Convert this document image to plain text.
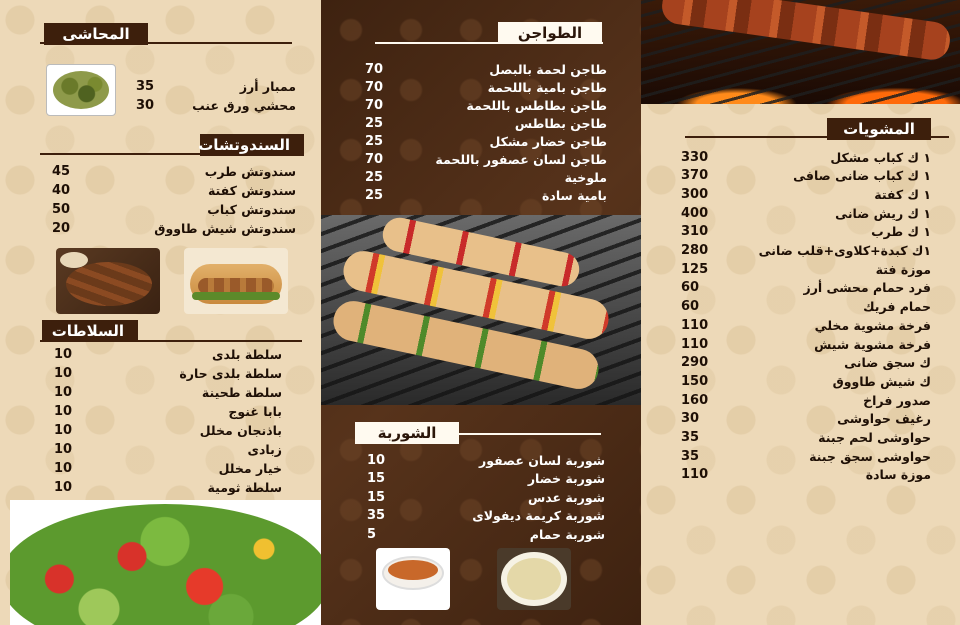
المحاشى
35	ممبار أرز
30	محشي ورق عنب
السندوتشات
45	سندوتش طرب
40	سندوتش كفتة
50	سندوتش كباب
20	سندوتش شيش طاووق
السلاطات
10	سلطة بلدى
10	سلطة بلدى حارة
10	سلطة طحينة
10	بابا غنوج
10	باذنجان مخلل
10	زبادى
10	خيار مخلل
10	سلطة ثومية
الطواجن
70	طاجن لحمة بالبصل
70	طاجن بامية باللحمة
70	طاجن بطاطس باللحمة
25	طاجن بطاطس
25	طاجن خضار مشكل
70	طاجن لسان عصفور باللحمة
25	ملوخية
25	بامية سادة
الشوربة
10	شوربة لسان عصفور
15	شوربة خضار
15	شوربة عدس
35	شوربة كريمة ديفولاى
5	شوربة حمام
المشويات
330	١ ك كباب مشكل
370	١ ك كباب ضانى صافى
300	١ ك كفتة
400	١ ك ريش ضانى
310	١ ك طرب
280	١ك كبدة+كلاوى+قلب ضانى
125	موزة فتة
60	فرد حمام محشى أرز
60	حمام فريك
110	فرخة مشوية مخلي
110	فرخة مشوية شيش
290	ك سجق ضانى
150	ك شيش طاووق
160	صدور فراخ
30	رغيف حواوشى
35	حواوشى لحم جبنة
35	حواوشى سجق جبنة
110	موزة سادة
